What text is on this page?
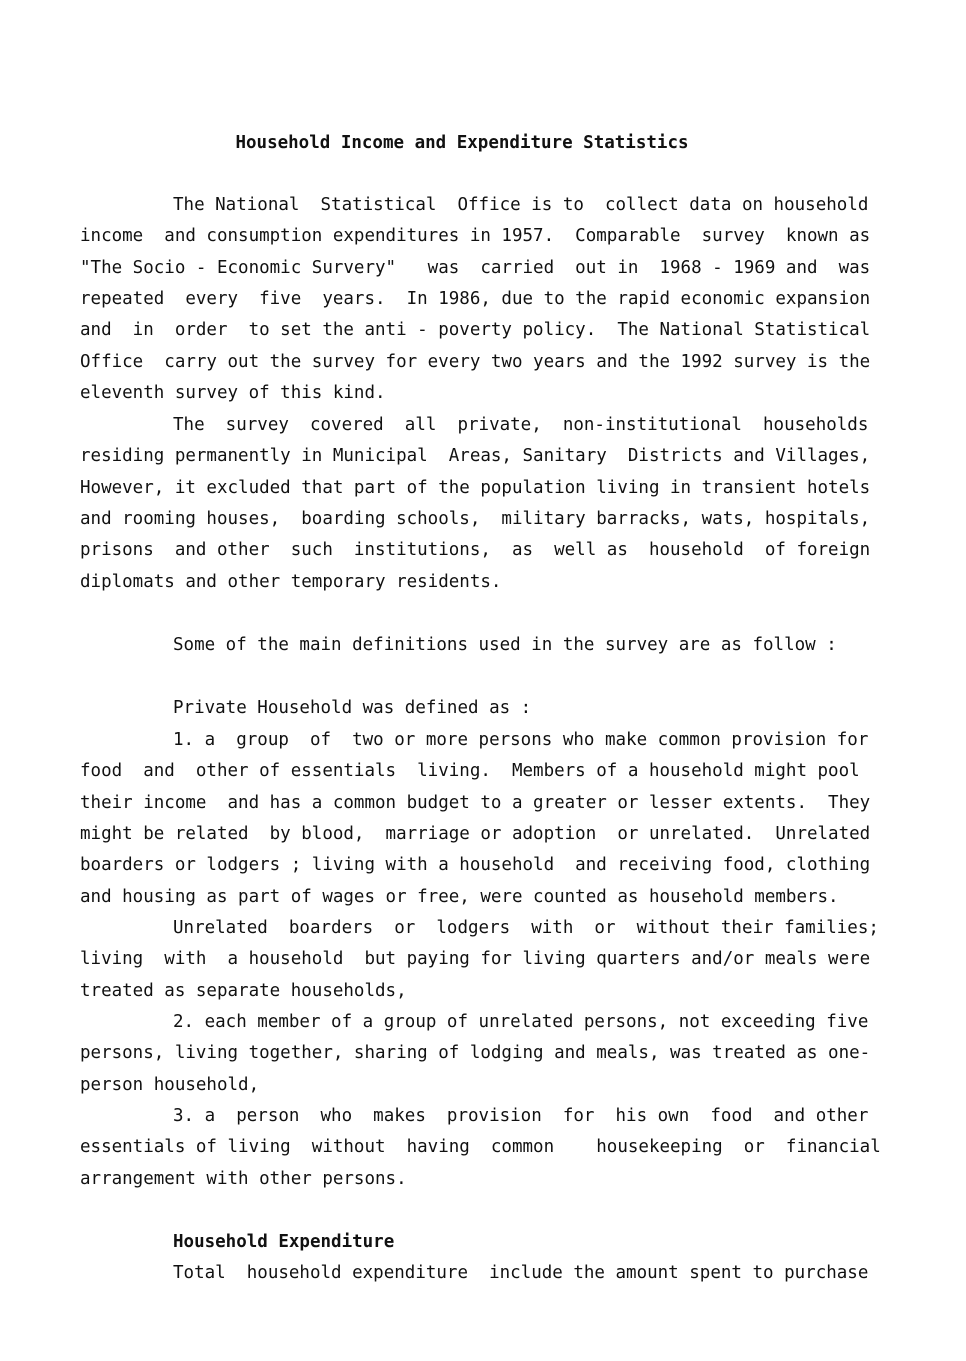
Household Income and Expenditure Statistics
The National  Statistical  Office is to  collect data on household
income  and consumption expenditures in 1957.  Comparable  survey  known as
"The Socio - Economic Survery"   was  carried  out in  1968 - 1969 and  was
repeated  every  five  years.  In 1986, due to the rapid economic expansion
and  in  order  to set the anti - poverty policy.  The National Statistical
Office  carry out the survey for every two years and the 1992 survey is the
eleventh survey of this kind.
The  survey  covered  all  private,  non-institutional  households
residing permanently in Municipal  Areas, Sanitary  Districts and Villages,
However, it excluded that part of the population living in transient hotels
and rooming houses,  boarding schools,  military barracks, wats, hospitals,
prisons  and other  such  institutions,  as  well as  household  of foreign
diplomats and other temporary residents.
Some of the main definitions used in the survey are as follow :
Private Household was defined as :
1. a  group  of  two or more persons who make common provision for
food  and  other of essentials  living.  Members of a household might pool
their income  and has a common budget to a greater or lesser extents.  They
might be related  by blood,  marriage or adoption  or unrelated.  Unrelated
boarders or lodgers ; living with a household  and receiving food, clothing
and housing as part of wages or free, were counted as household members.
Unrelated  boarders  or  lodgers  with  or  without their families;
living  with  a household  but paying for living quarters and/or meals were
treated as separate households,
2. each member of a group of unrelated persons, not exceeding five
persons, living together, sharing of lodging and meals, was treated as one-
person household,
3. a  person  who  makes  provision  for  his own  food  and other
essentials of living  without  having  common    housekeeping  or  financial
arrangement with other persons.
Household Expenditure
Total  household expenditure  include the amount spent to purchase
